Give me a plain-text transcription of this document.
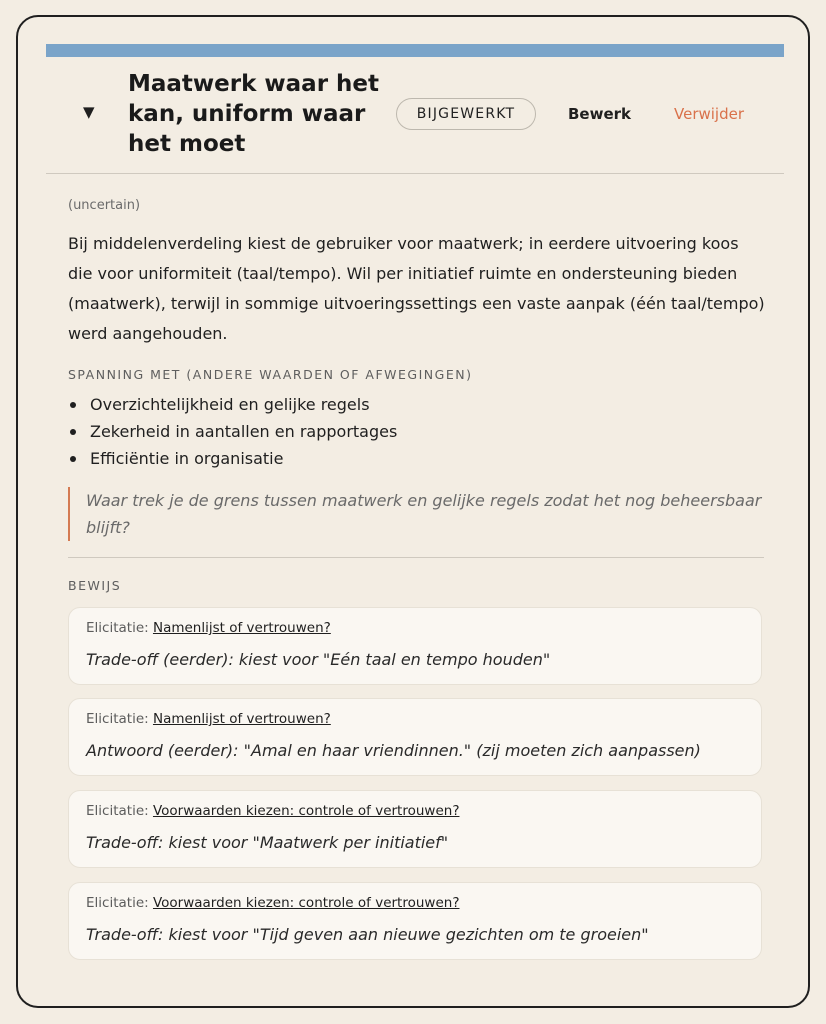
▼
Maatwerk waar het kan, uniform waar het moet
BIJGEWERKT	Bewerk	Verwijder
(uncertain)
Bij middelenverdeling kiest de gebruiker voor maatwerk; in eerdere uitvoering koos die voor uniformiteit (taal/tempo). Wil per initiatief ruimte en ondersteuning bieden (maatwerk), terwijl in sommige uitvoeringssettings een vaste aanpak (één taal/tempo) werd aangehouden.
SPANNING MET (ANDERE WAARDEN OF AFWEGINGEN)
Overzichtelijkheid en gelijke regels
Zekerheid in aantallen en rapportages
Efficiëntie in organisatie
Waar trek je de grens tussen maatwerk en gelijke regels zodat het nog beheersbaar blijft?
BEWIJS
Elicitatie: Namenlijst of vertrouwen?
Trade-off (eerder): kiest voor "Eén taal en tempo houden"
Elicitatie: Namenlijst of vertrouwen?
Antwoord (eerder): "Amal en haar vriendinnen." (zij moeten zich aanpassen)
Elicitatie: Voorwaarden kiezen: controle of vertrouwen?
Trade-off: kiest voor "Maatwerk per initiatief"
Elicitatie: Voorwaarden kiezen: controle of vertrouwen?
Trade-off: kiest voor "Tijd geven aan nieuwe gezichten om te groeien"
